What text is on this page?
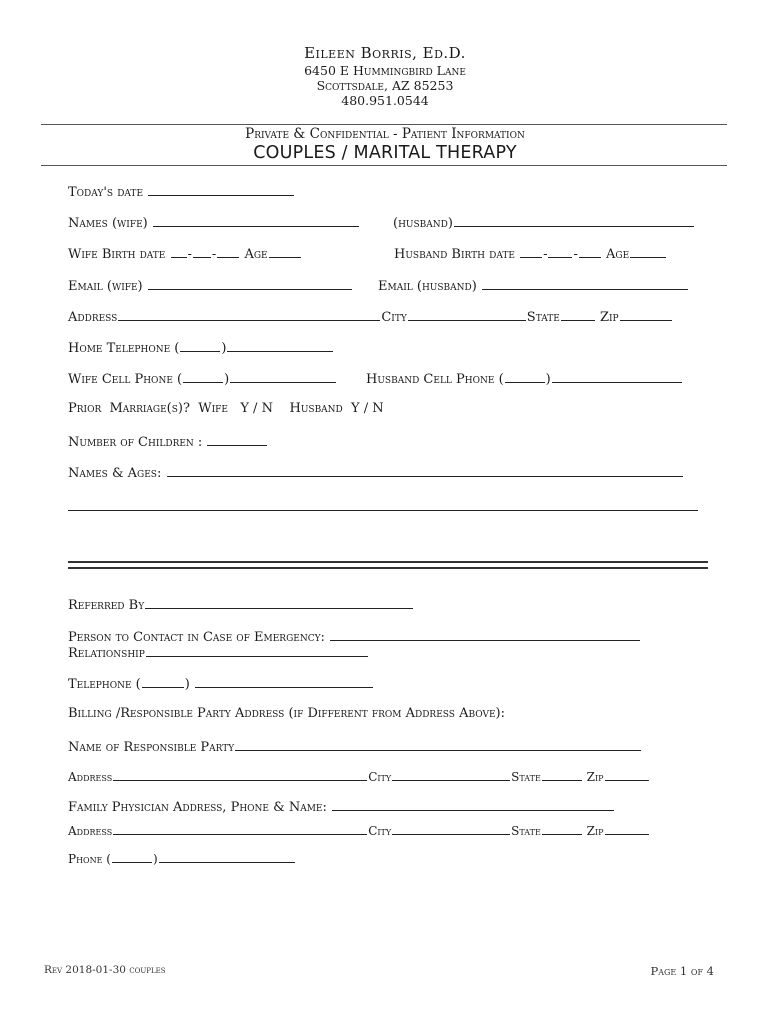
Eileen Borris, Ed.D.
6450 E Hummingbird Lane
Scottsdale, AZ 85253
480.951.0544
Private & Confidential - Patient Information
COUPLES / MARITAL THERAPY
Today's date
Names (wife)	(husband)
Wife Birth date - - Age	Husband Birth date - - Age
Email (wife)	Email (husband)
Address	City	State	Zip
Home Telephone (	)
Wife Cell Phone (	)	Husband Cell Phone (	)
Prior  Marriage(s)?  Wife   Y / N    Husband  Y / N
Number of Children :
Names & Ages:
Referred By
Person to Contact in Case of Emergency:
Relationship
Telephone (	)
Billing /Responsible Party Address (if Different from Address Above):
Name of Responsible Party
Address	City	State	Zip
Family Physician Address, Phone & Name:
Address	City	State	Zip
Phone (	)
Rev 2018-01-30 couples	Page 1 of 4
